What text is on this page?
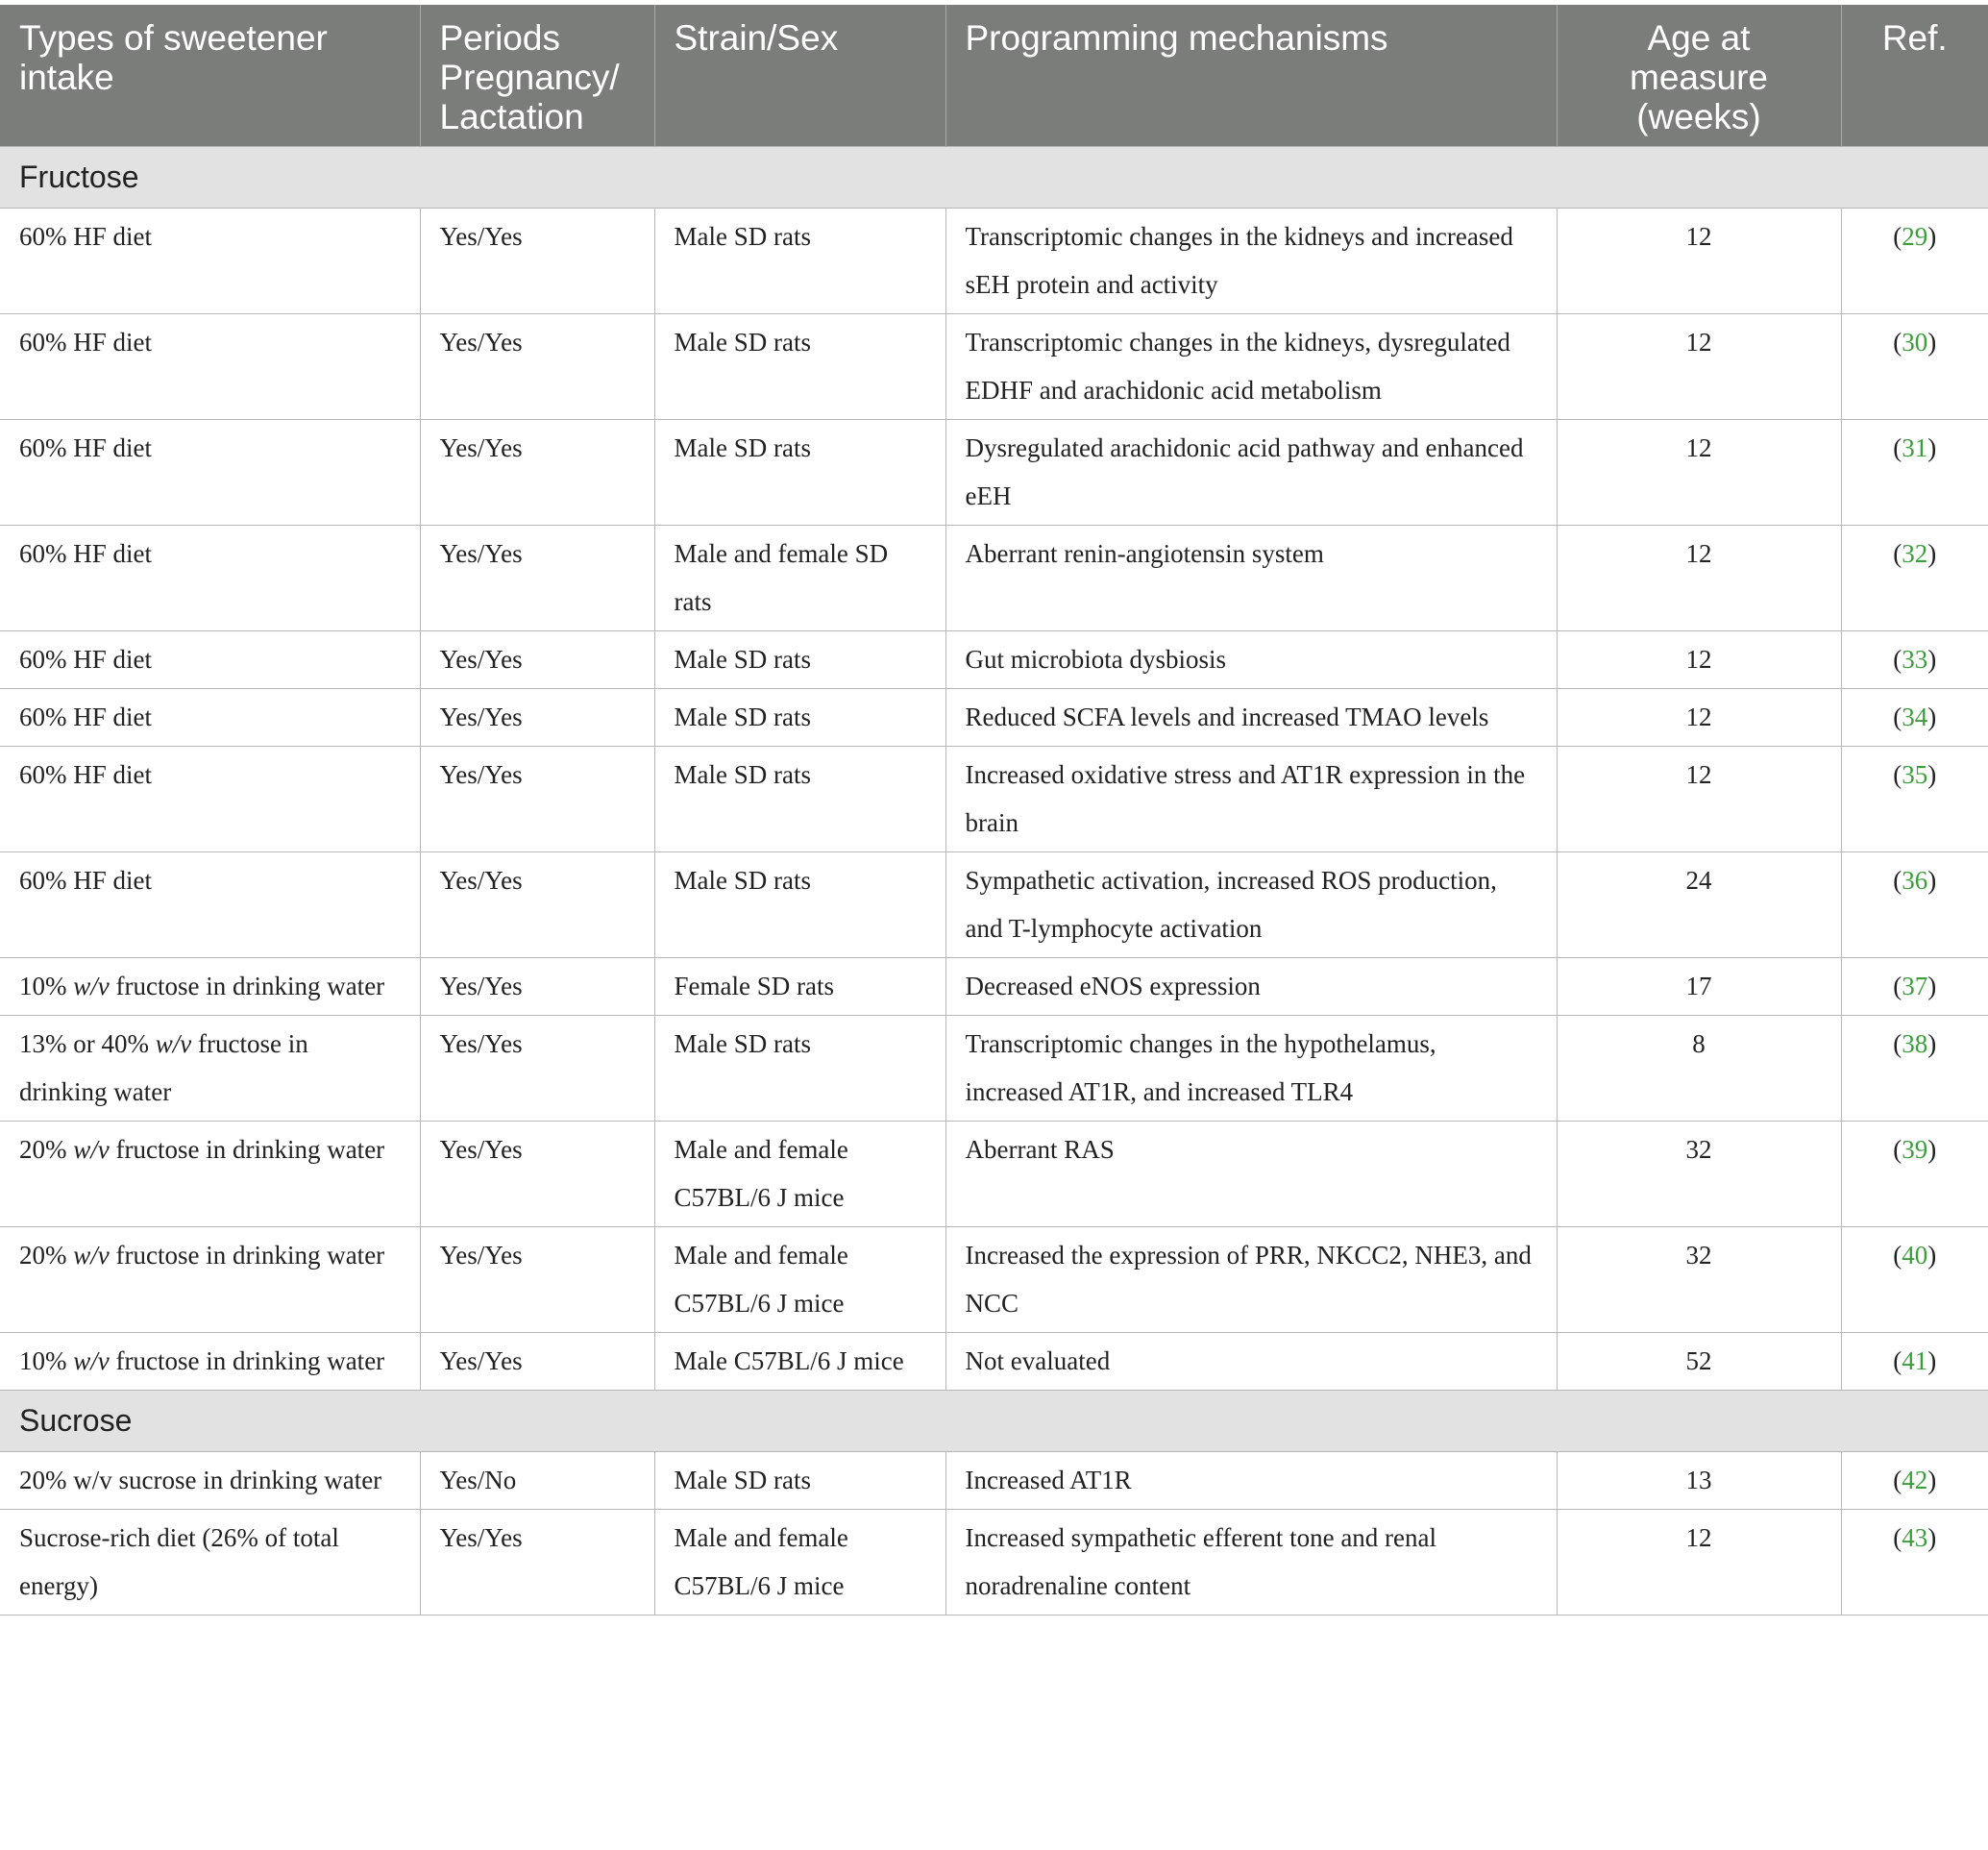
Types of sweetener intake	Periods Pregnancy/ Lactation	Strain/Sex	Programming mechanisms	Age at measure (weeks)	Ref.
Fructose					
60% HF diet	Yes/Yes	Male SD rats	Transcriptomic changes in the kidneys and increased sEH protein and activity	12	(29)
60% HF diet	Yes/Yes	Male SD rats	Transcriptomic changes in the kidneys, dysregulated EDHF and arachidonic acid metabolism	12	(30)
60% HF diet	Yes/Yes	Male SD rats	Dysregulated arachidonic acid pathway and enhanced eEH	12	(31)
60% HF diet	Yes/Yes	Male and female SD rats	Aberrant renin-angiotensin system	12	(32)
60% HF diet	Yes/Yes	Male SD rats	Gut microbiota dysbiosis	12	(33)
60% HF diet	Yes/Yes	Male SD rats	Reduced SCFA levels and increased TMAO levels	12	(34)
60% HF diet	Yes/Yes	Male SD rats	Increased oxidative stress and AT1R expression in the brain	12	(35)
60% HF diet	Yes/Yes	Male SD rats	Sympathetic activation, increased ROS production, and T-lymphocyte activation	24	(36)
10% w/v fructose in drinking water	Yes/Yes	Female SD rats	Decreased eNOS expression	17	(37)
13% or 40% w/v fructose in drinking water	Yes/Yes	Male SD rats	Transcriptomic changes in the hypothelamus, increased AT1R, and increased TLR4	8	(38)
20% w/v fructose in drinking water	Yes/Yes	Male and female C57BL/6 J mice	Aberrant RAS	32	(39)
20% w/v fructose in drinking water	Yes/Yes	Male and female C57BL/6 J mice	Increased the expression of PRR, NKCC2, NHE3, and NCC	32	(40)
10% w/v fructose in drinking water	Yes/Yes	Male C57BL/6 J mice	Not evaluated	52	(41)
Sucrose					
20% w/v sucrose in drinking water	Yes/No	Male SD rats	Increased AT1R	13	(42)
Sucrose-rich diet (26% of total energy)	Yes/Yes	Male and female C57BL/6 J mice	Increased sympathetic efferent tone and renal noradrenaline content	12	(43)
